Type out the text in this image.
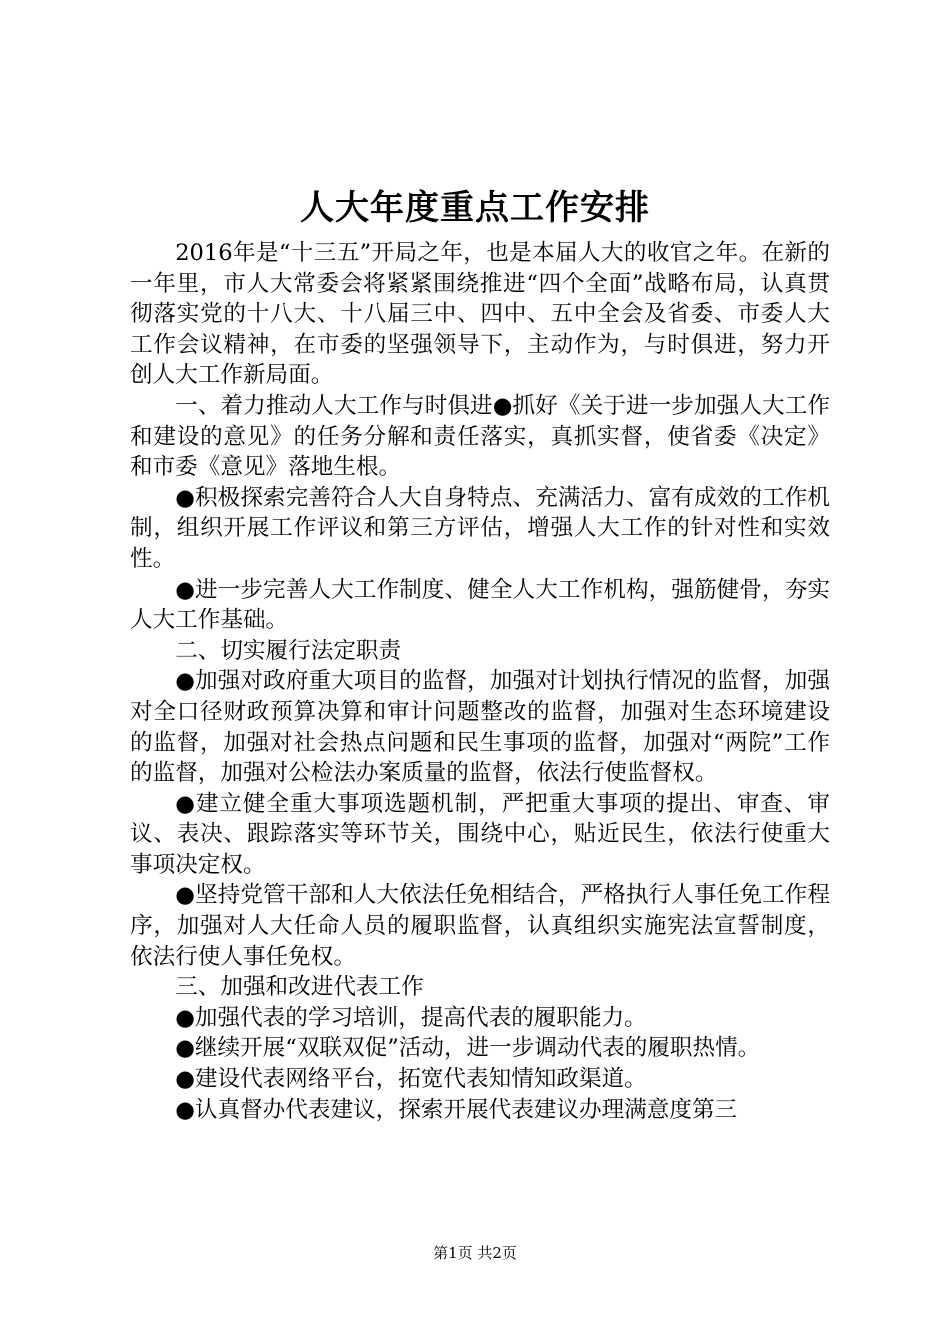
人大年度重点工作安排

2016年是“十三五”开局之年，也是本届人大的收官之年。在新的一年里，市人大常委会将紧紧围绕推进“四个全面”战略布局，认真贯彻落实党的十八大、十八届三中、四中、五中全会及省委、市委人大工作会议精神，在市委的坚强领导下，主动作为，与时俱进，努力开创人大工作新局面。

一、着力推动人大工作与时俱进●抓好《关于进一步加强人大工作和建设的意见》的任务分解和责任落实，真抓实督，使省委《决定》和市委《意见》落地生根。

●积极探索完善符合人大自身特点、充满活力、富有成效的工作机制，组织开展工作评议和第三方评估，增强人大工作的针对性和实效性。

●进一步完善人大工作制度、健全人大工作机构，强筋健骨，夯实人大工作基础。

二、切实履行法定职责

●加强对政府重大项目的监督，加强对计划执行情况的监督，加强对全口径财政预算决算和审计问题整改的监督，加强对生态环境建设的监督，加强对社会热点问题和民生事项的监督，加强对“两院”工作的监督，加强对公检法办案质量的监督，依法行使监督权。

●建立健全重大事项选题机制，严把重大事项的提出、审查、审议、表决、跟踪落实等环节关，围绕中心，贴近民生，依法行使重大事项决定权。

●坚持党管干部和人大依法任免相结合，严格执行人事任免工作程序，加强对人大任命人员的履职监督，认真组织实施宪法宣誓制度，依法行使人事任免权。

三、加强和改进代表工作

●加强代表的学习培训，提高代表的履职能力。

●继续开展“双联双促”活动，进一步调动代表的履职热情。

●建设代表网络平台，拓宽代表知情知政渠道。

●认真督办代表建议，探索开展代表建议办理满意度第三

第1页 共2页
